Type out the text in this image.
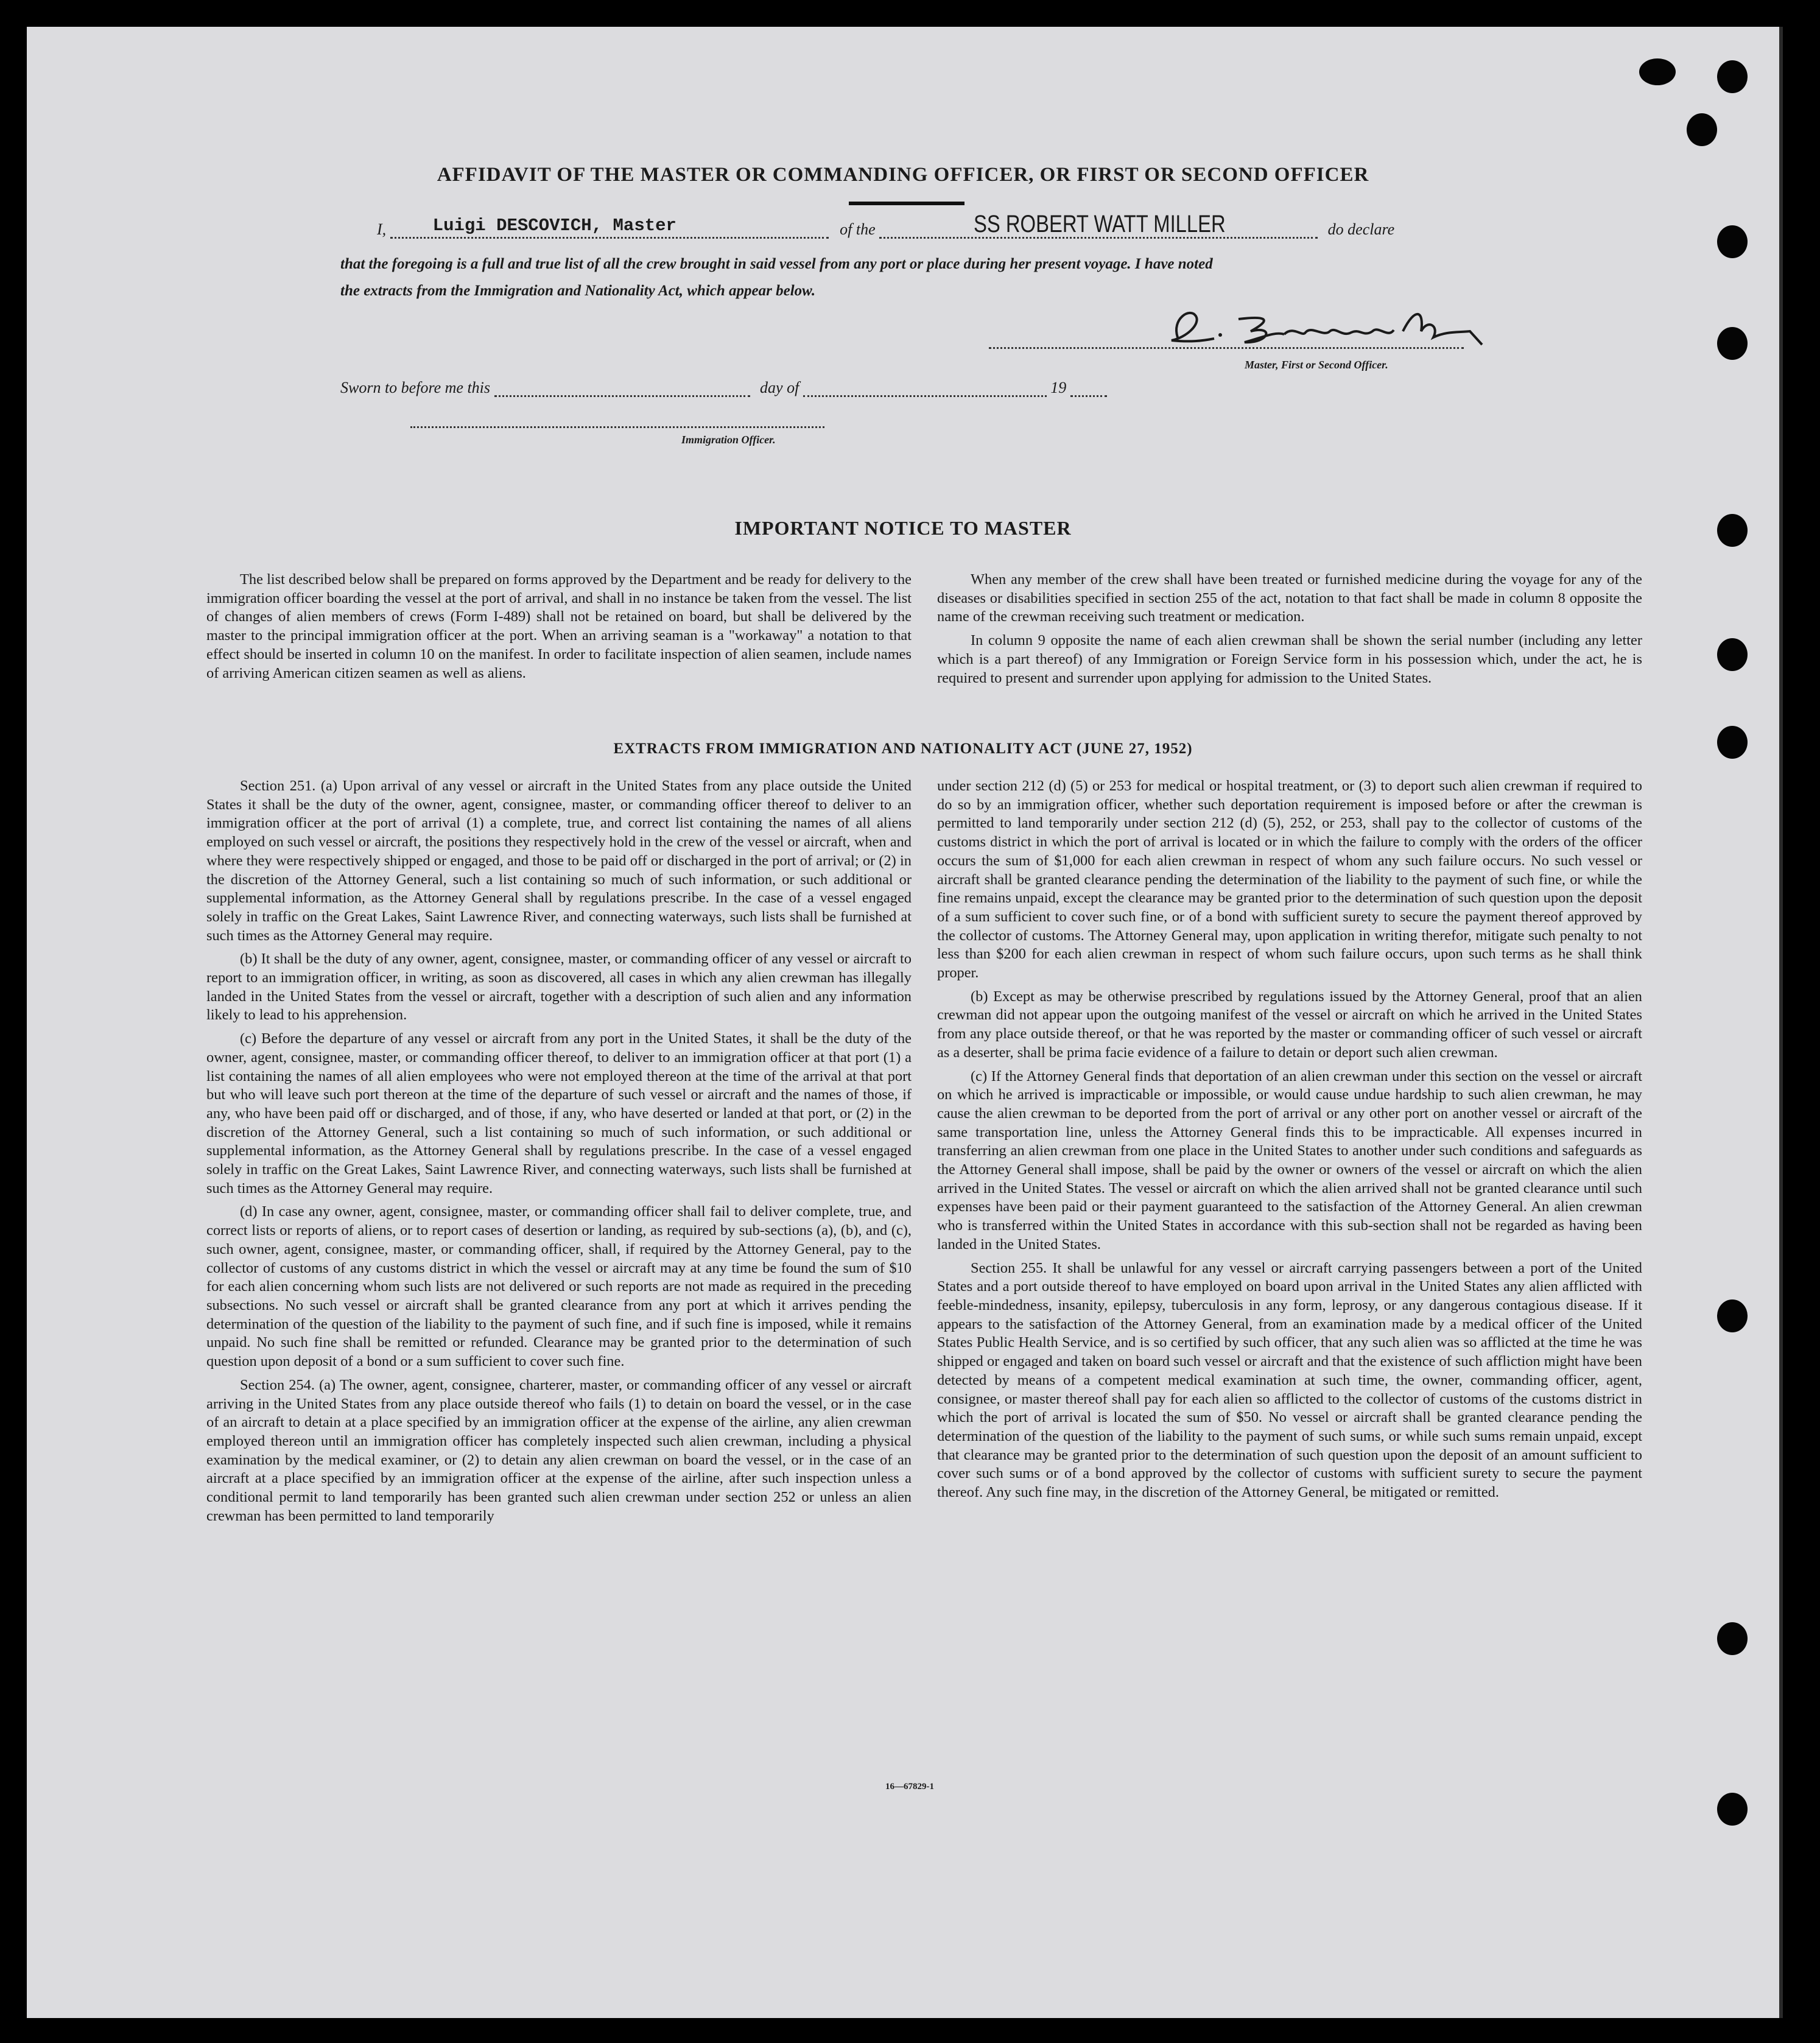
AFFIDAVIT OF THE MASTER OR COMMANDING OFFICER, OR FIRST OR SECOND OFFICER
I,	Luigi DESCOVICH, Master	of the	SS ROBERT WATT MILLER	do declare
that the foregoing is a full and true list of all the crew brought in said vessel from any port or place during her present voyage. I have noted
the extracts from the Immigration and Nationality Act, which appear below.
Master, First or Second Officer.
Sworn to before me this	day of	19
Immigration Officer.
IMPORTANT NOTICE TO MASTER

The list described below shall be prepared on forms approved by the Department and be ready for delivery to the immigration officer boarding the vessel at the port of arrival, and shall in no instance be taken from the vessel. The list of changes of alien members of crews (Form I-489) shall not be retained on board, but shall be delivered by the master to the principal immigration officer at the port. When an arriving seaman is a "workaway" a notation to that effect should be inserted in column 10 on the manifest. In order to facilitate inspection of alien seamen, include names of arriving American citizen seamen as well as aliens.

When any member of the crew shall have been treated or furnished medicine during the voyage for any of the diseases or disabilities specified in section 255 of the act, notation to that fact shall be made in column 8 opposite the name of the crewman receiving such treatment or medication.

In column 9 opposite the name of each alien crewman shall be shown the serial number (including any letter which is a part thereof) of any Immigration or Foreign Service form in his possession which, under the act, he is required to present and surrender upon applying for admission to the United States.

EXTRACTS FROM IMMIGRATION AND NATIONALITY ACT (JUNE 27, 1952)

Section 251. (a) Upon arrival of any vessel or aircraft in the United States from any place outside the United States it shall be the duty of the owner, agent, consignee, master, or commanding officer thereof to deliver to an immigration officer at the port of arrival (1) a complete, true, and correct list containing the names of all aliens employed on such vessel or aircraft, the positions they respectively hold in the crew of the vessel or aircraft, when and where they were respectively shipped or engaged, and those to be paid off or discharged in the port of arrival; or (2) in the discretion of the Attorney General, such a list containing so much of such information, or such additional or supplemental information, as the Attorney General shall by regulations prescribe. In the case of a vessel engaged solely in traffic on the Great Lakes, Saint Lawrence River, and connecting waterways, such lists shall be furnished at such times as the Attorney General may require.

(b) It shall be the duty of any owner, agent, consignee, master, or commanding officer of any vessel or aircraft to report to an immigration officer, in writing, as soon as discovered, all cases in which any alien crewman has illegally landed in the United States from the vessel or aircraft, together with a description of such alien and any information likely to lead to his apprehension.

(c) Before the departure of any vessel or aircraft from any port in the United States, it shall be the duty of the owner, agent, consignee, master, or commanding officer thereof, to deliver to an immigration officer at that port (1) a list containing the names of all alien employees who were not employed thereon at the time of the arrival at that port but who will leave such port thereon at the time of the departure of such vessel or aircraft and the names of those, if any, who have been paid off or discharged, and of those, if any, who have deserted or landed at that port, or (2) in the discretion of the Attorney General, such a list containing so much of such information, or such additional or supplemental information, as the Attorney General shall by regulations prescribe. In the case of a vessel engaged solely in traffic on the Great Lakes, Saint Lawrence River, and connecting waterways, such lists shall be furnished at such times as the Attorney General may require.

(d) In case any owner, agent, consignee, master, or commanding officer shall fail to deliver complete, true, and correct lists or reports of aliens, or to report cases of desertion or landing, as required by sub-sections (a), (b), and (c), such owner, agent, consignee, master, or commanding officer, shall, if required by the Attorney General, pay to the collector of customs of any customs district in which the vessel or aircraft may at any time be found the sum of $10 for each alien concerning whom such lists are not delivered or such reports are not made as required in the preceding subsections. No such vessel or aircraft shall be granted clearance from any port at which it arrives pending the determination of the question of the liability to the payment of such fine, and if such fine is imposed, while it remains unpaid. No such fine shall be remitted or refunded. Clearance may be granted prior to the determination of such question upon deposit of a bond or a sum sufficient to cover such fine.

Section 254. (a) The owner, agent, consignee, charterer, master, or commanding officer of any vessel or aircraft arriving in the United States from any place outside thereof who fails (1) to detain on board the vessel, or in the case of an aircraft to detain at a place specified by an immigration officer at the expense of the airline, any alien crewman employed thereon until an immigration officer has completely inspected such alien crewman, including a physical examination by the medical examiner, or (2) to detain any alien crewman on board the vessel, or in the case of an aircraft at a place specified by an immigration officer at the expense of the airline, after such inspection unless a conditional permit to land temporarily has been granted such alien crewman under section 252 or unless an alien crewman has been permitted to land temporarily

under section 212 (d) (5) or 253 for medical or hospital treatment, or (3) to deport such alien crewman if required to do so by an immigration officer, whether such deportation requirement is imposed before or after the crewman is permitted to land temporarily under section 212 (d) (5), 252, or 253, shall pay to the collector of customs of the customs district in which the port of arrival is located or in which the failure to comply with the orders of the officer occurs the sum of $1,000 for each alien crewman in respect of whom any such failure occurs. No such vessel or aircraft shall be granted clearance pending the determination of the liability to the payment of such fine, or while the fine remains unpaid, except the clearance may be granted prior to the determination of such question upon the deposit of a sum sufficient to cover such fine, or of a bond with sufficient surety to secure the payment thereof approved by the collector of customs. The Attorney General may, upon application in writing therefor, mitigate such penalty to not less than $200 for each alien crewman in respect of whom such failure occurs, upon such terms as he shall think proper.

(b) Except as may be otherwise prescribed by regulations issued by the Attorney General, proof that an alien crewman did not appear upon the outgoing manifest of the vessel or aircraft on which he arrived in the United States from any place outside thereof, or that he was reported by the master or commanding officer of such vessel or aircraft as a deserter, shall be prima facie evidence of a failure to detain or deport such alien crewman.

(c) If the Attorney General finds that deportation of an alien crewman under this section on the vessel or aircraft on which he arrived is impracticable or impossible, or would cause undue hardship to such alien crewman, he may cause the alien crewman to be deported from the port of arrival or any other port on another vessel or aircraft of the same transportation line, unless the Attorney General finds this to be impracticable. All expenses incurred in transferring an alien crewman from one place in the United States to another under such conditions and safeguards as the Attorney General shall impose, shall be paid by the owner or owners of the vessel or aircraft on which the alien arrived in the United States. The vessel or aircraft on which the alien arrived shall not be granted clearance until such expenses have been paid or their payment guaranteed to the satisfaction of the Attorney General. An alien crewman who is transferred within the United States in accordance with this sub-section shall not be regarded as having been landed in the United States.

Section 255. It shall be unlawful for any vessel or aircraft carrying passengers between a port of the United States and a port outside thereof to have employed on board upon arrival in the United States any alien afflicted with feeble-mindedness, insanity, epilepsy, tuberculosis in any form, leprosy, or any dangerous contagious disease. If it appears to the satisfaction of the Attorney General, from an examination made by a medical officer of the United States Public Health Service, and is so certified by such officer, that any such alien was so afflicted at the time he was shipped or engaged and taken on board such vessel or aircraft and that the existence of such affliction might have been detected by means of a competent medical examination at such time, the owner, commanding officer, agent, consignee, or master thereof shall pay for each alien so afflicted to the collector of customs of the customs district in which the port of arrival is located the sum of $50. No vessel or aircraft shall be granted clearance pending the determination of the question of the liability to the payment of such sums, or while such sums remain unpaid, except that clearance may be granted prior to the determination of such question upon the deposit of an amount sufficient to cover such sums or of a bond approved by the collector of customs with sufficient surety to secure the payment thereof. Any such fine may, in the discretion of the Attorney General, be mitigated or remitted.

16—67829-1
